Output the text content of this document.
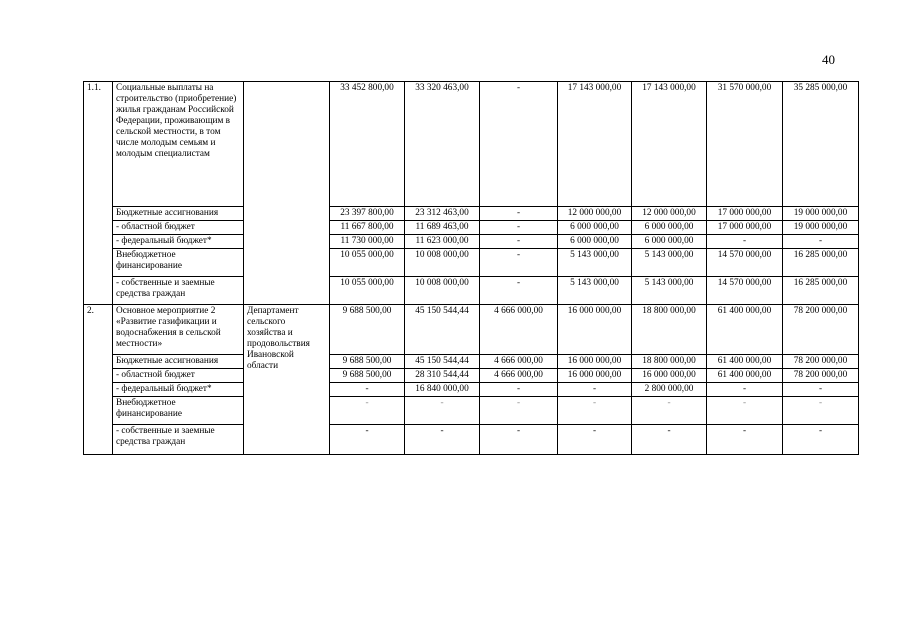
40
1.1.	Социальные выплаты на строительство (приобретение) жилья гражданам Российской Федерации, проживающим в сельской местности, в том числе молодым семьям и молодым специалистам		33 452 800,00	33 320 463,00	-	17 143 000,00	17 143 000,00	31 570 000,00	35 285 000,00
	Бюджетные ассигнования		23 397 800,00	23 312 463,00	-	12 000 000,00	12 000 000,00	17 000 000,00	19 000 000,00
	- областной бюджет		11 667 800,00	11 689 463,00	-	6 000 000,00	6 000 000,00	17 000 000,00	19 000 000,00
	- федеральный бюджет*		11 730 000,00	11 623 000,00	-	6 000 000,00	6 000 000,00	-	-
	Внебюджетное финансирование		10 055 000,00	10 008 000,00	-	5 143 000,00	5 143 000,00	14 570 000,00	16 285 000,00
	- собственные и заемные средства граждан		10 055 000,00	10 008 000,00	-	5 143 000,00	5 143 000,00	14 570 000,00	16 285 000,00
2.	Основное мероприятие 2 «Развитие газификации и водоснабжения в сельской местности»	Департамент сельского хозяйства и продовольствия Ивановской области	9 688 500,00	45 150 544,44	4 666 000,00	16 000 000,00	18 800 000,00	61 400 000,00	78 200 000,00
	Бюджетные ассигнования		9 688 500,00	45 150 544,44	4 666 000,00	16 000 000,00	18 800 000,00	61 400 000,00	78 200 000,00
	- областной бюджет		9 688 500,00	28 310 544,44	4 666 000,00	16 000 000,00	16 000 000,00	61 400 000,00	78 200 000,00
	- федеральный бюджет*		-	16 840 000,00	-	-	2 800 000,00	-	-
	Внебюджетное финансирование		-	-	-	-	-	-	-
	- собственные и заемные средства граждан		-	-	-	-	-	-	-
